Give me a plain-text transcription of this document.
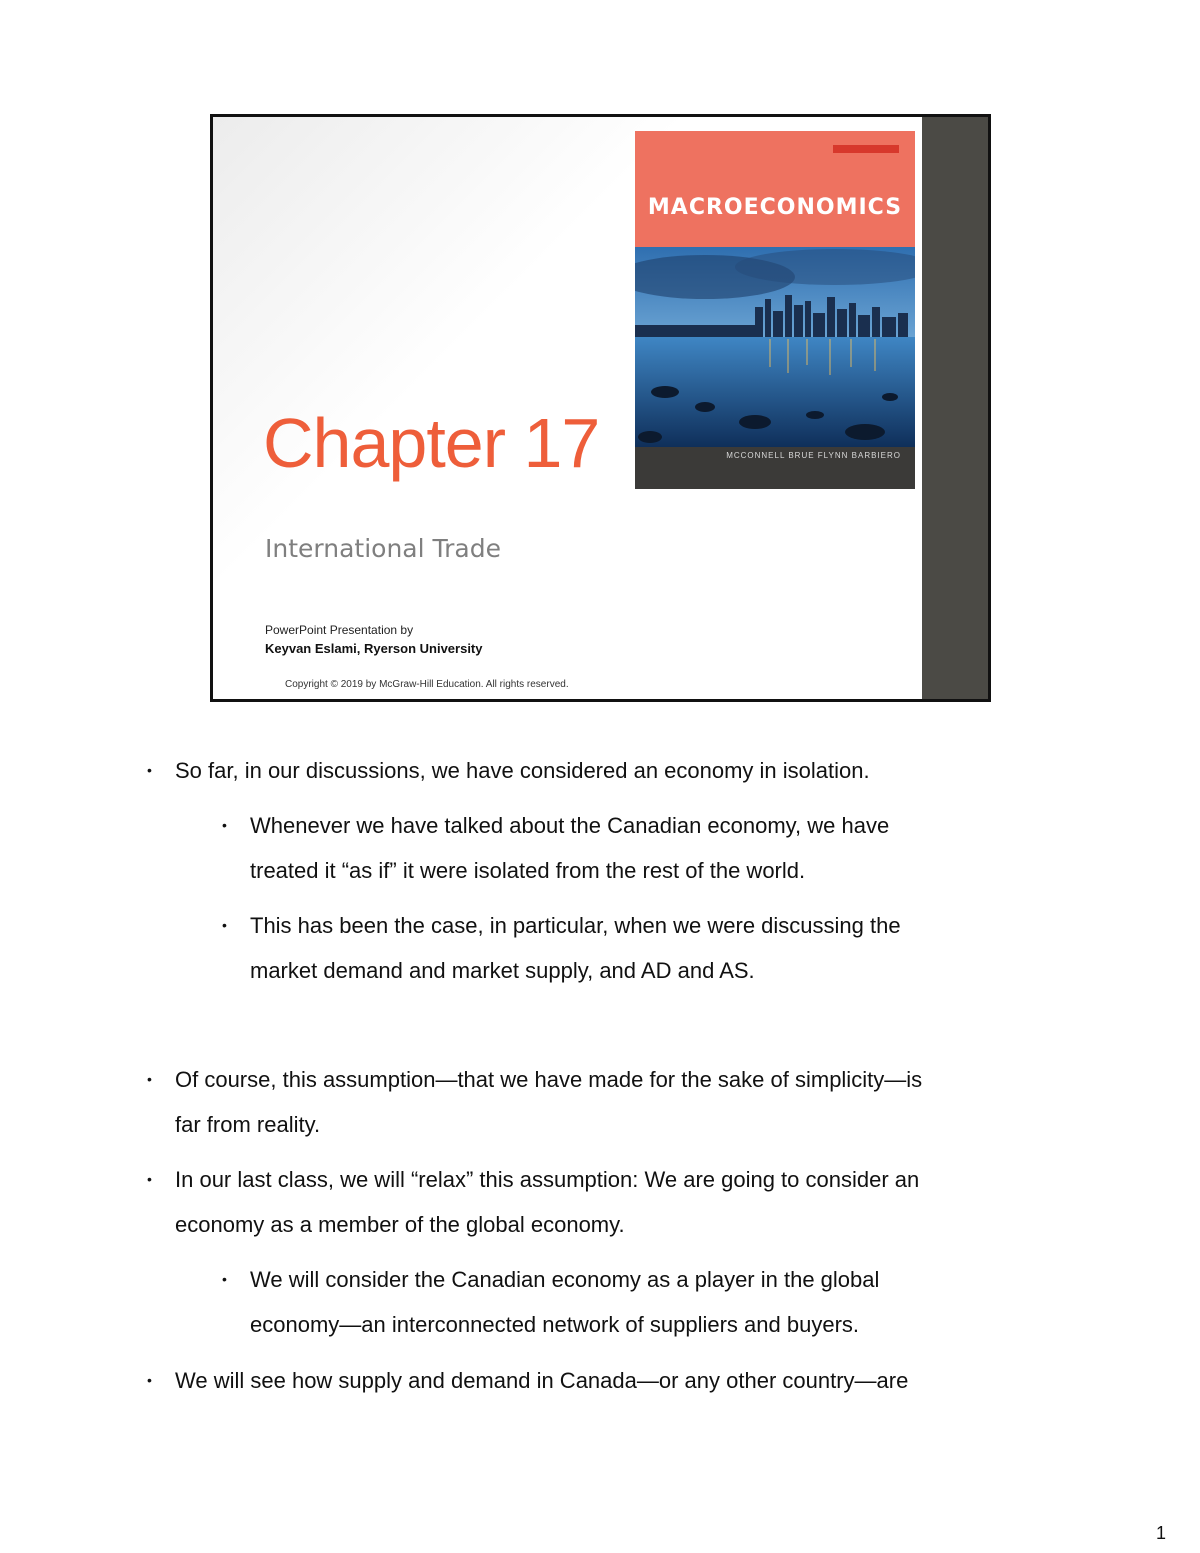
MACROECONOMICS
MCCONNELL BRUE FLYNN BARBIERO
Chapter 17
International Trade
PowerPoint Presentation by
Keyvan Eslami, Ryerson University
Copyright © 2019 by McGraw-Hill Education. All rights reserved.
• So far, in our discussions, we have considered an economy in isolation.
• Whenever we have talked about the Canadian economy, we have
treated it “as if” it were isolated from the rest of the world.
• This has been the case, in particular, when we were discussing the
market demand and market supply, and AD and AS.
• Of course, this assumption—that we have made for the sake of simplicity—is
far from reality.
• In our last class, we will “relax” this assumption: We are going to consider an
economy as a member of the global economy.
• We will consider the Canadian economy as a player in the global
economy—an interconnected network of suppliers and buyers.
• We will see how supply and demand in Canada—or any other country—are
1
